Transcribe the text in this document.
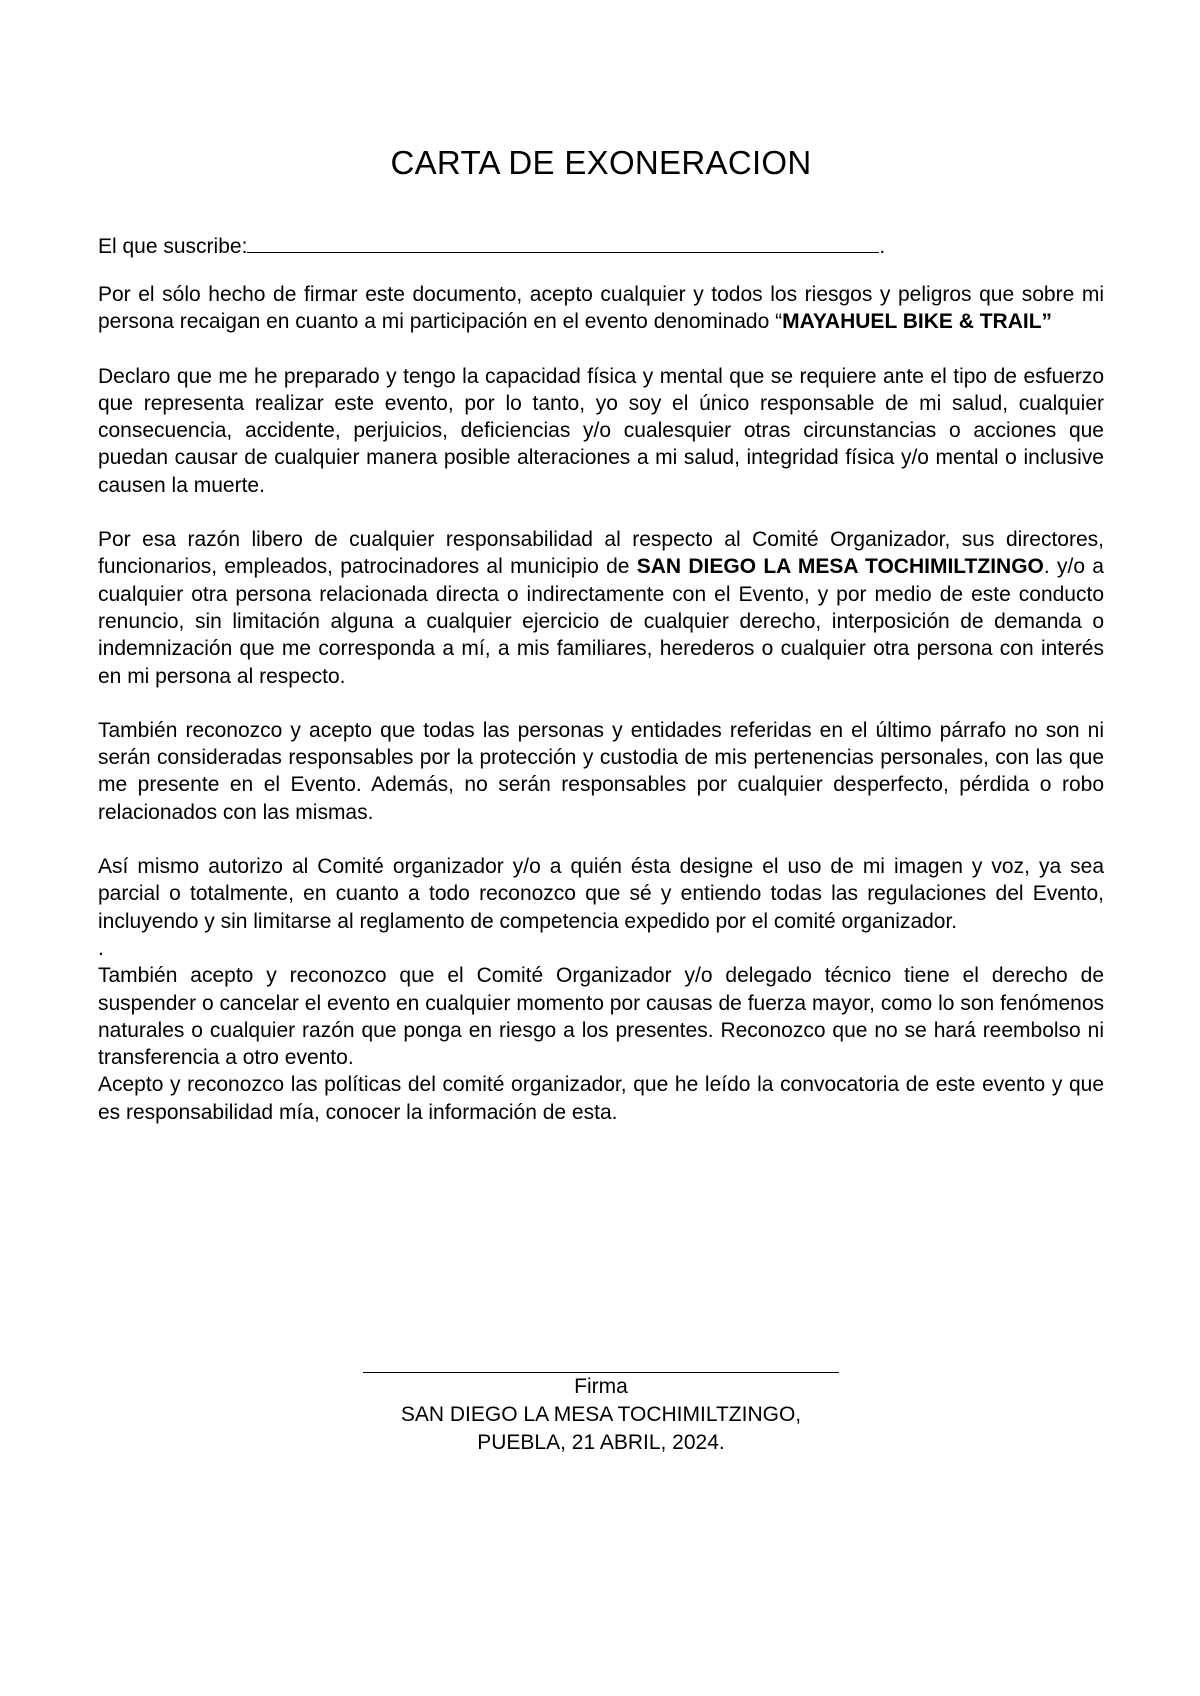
CARTA DE EXONERACION
El que suscribe:	.

Por el sólo hecho de firmar este documento, acepto cualquier y todos los riesgos y peligros que sobre mi persona recaigan en cuanto a mi participación en el evento denominado “MAYAHUEL BIKE & TRAIL”

Declaro que me he preparado y tengo la capacidad física y mental que se requiere ante el tipo de esfuerzo que representa realizar este evento, por lo tanto, yo soy el único responsable de mi salud, cualquier consecuencia, accidente, perjuicios, deficiencias y/o cualesquier otras circunstancias o acciones que puedan causar de cualquier manera posible alteraciones a mi salud, integridad física y/o mental o inclusive causen la muerte.

Por esa razón libero de cualquier responsabilidad al respecto al Comité Organizador, sus directores, funcionarios, empleados, patrocinadores al municipio de SAN DIEGO LA MESA TOCHIMILTZINGO. y/o a cualquier otra persona relacionada directa o indirectamente con el Evento, y por medio de este conducto renuncio, sin limitación alguna a cualquier ejercicio de cualquier derecho, interposición de demanda o indemnización que me corresponda a mí, a mis familiares, herederos o cualquier otra persona con interés en mi persona al respecto.

También reconozco y acepto que todas las personas y entidades referidas en el último párrafo no son ni serán consideradas responsables por la protección y custodia de mis pertenencias personales, con las que me presente en el Evento. Además, no serán responsables por cualquier desperfecto, pérdida o robo relacionados con las mismas.

Así mismo autorizo al Comité organizador y/o a quién ésta designe el uso de mi imagen y voz, ya sea parcial o totalmente, en cuanto a todo reconozco que sé y entiendo todas las regulaciones del Evento, incluyendo y sin limitarse al reglamento de competencia expedido por el comité organizador.

.

También acepto y reconozco que el Comité Organizador y/o delegado técnico tiene el derecho de suspender o cancelar el evento en cualquier momento por causas de fuerza mayor, como lo son fenómenos naturales o cualquier razón que ponga en riesgo a los presentes. Reconozco que no se hará reembolso ni transferencia a otro evento.

Acepto y reconozco las políticas del comité organizador, que he leído la convocatoria de este evento y que es responsabilidad mía, conocer la información de esta.

Firma
SAN DIEGO LA MESA TOCHIMILTZINGO,
PUEBLA, 21 ABRIL, 2024.
